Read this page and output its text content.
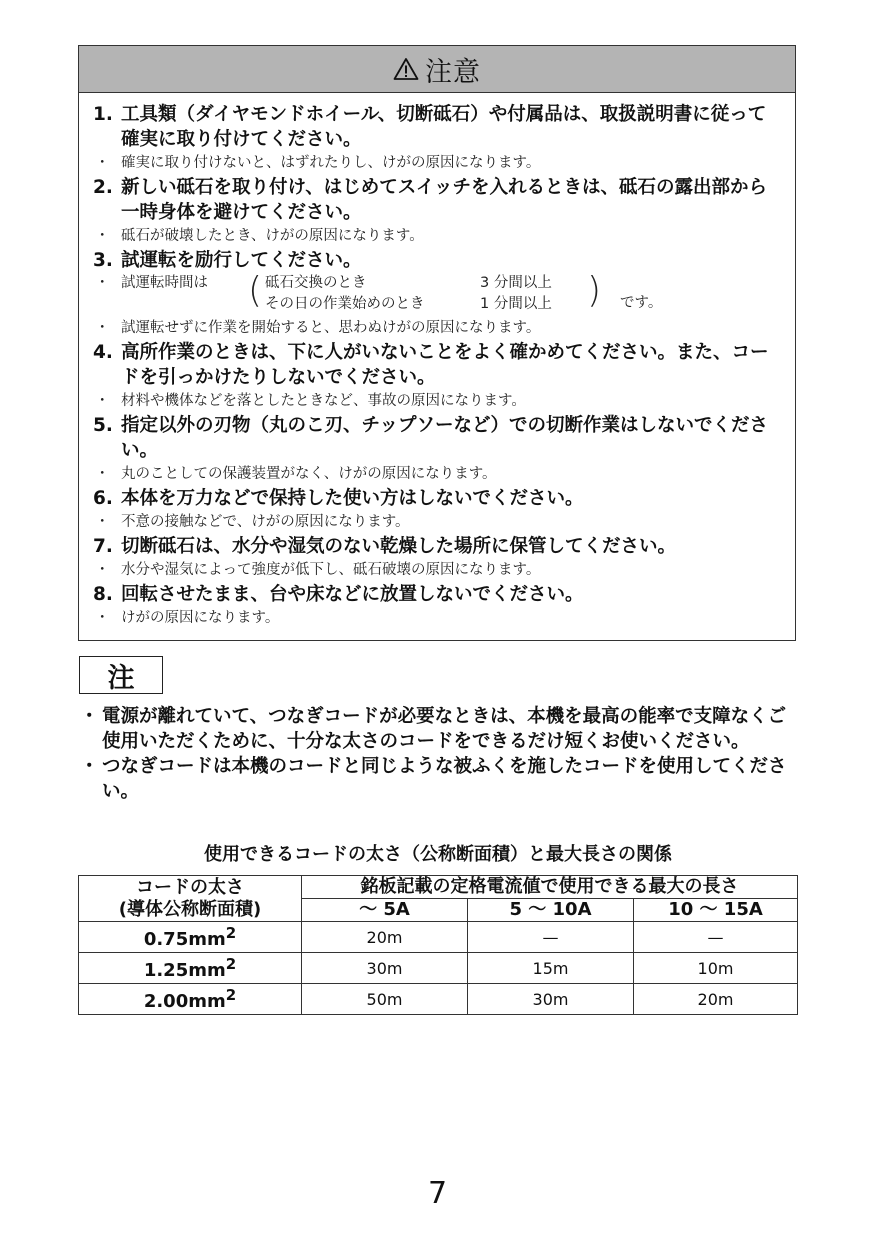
注意
1. 工具類（ダイヤモンドホイール、切断砥石）や付属品は、取扱説明書に従って確実に取り付けてください。
・ 確実に取り付けないと、はずれたりし、けがの原因になります。
2. 新しい砥石を取り付け、はじめてスイッチを入れるときは、砥石の露出部から一時身体を避けてください。
・ 砥石が破壊したとき、けがの原因になります。
3. 試運転を励行してください。
・ 試運転時間は ( 砥石交換のとき	3 分間以上
その日の作業始めのとき	1 分間以上 ) です。
・ 試運転せずに作業を開始すると、思わぬけがの原因になります。
4. 高所作業のときは、下に人がいないことをよく確かめてください。また、コードを引っかけたりしないでください。
・ 材料や機体などを落としたときなど、事故の原因になります。
5. 指定以外の刃物（丸のこ刃、チップソーなど）での切断作業はしないでください。
・ 丸のことしての保護装置がなく、けがの原因になります。
6. 本体を万力などで保持した使い方はしないでください。
・ 不意の接触などで、けがの原因になります。
7. 切断砥石は、水分や湿気のない乾燥した場所に保管してください。
・ 水分や湿気によって強度が低下し、砥石破壊の原因になります。
8. 回転させたまま、台や床などに放置しないでください。
・ けがの原因になります。
注
・ 電源が離れていて、つなぎコードが必要なときは、本機を最高の能率で支障なくご使用いただくために、十分な太さのコードをできるだけ短くお使いください。
・ つなぎコードは本機のコードと同じような被ふくを施したコードを使用してください。
使用できるコードの太さ（公称断面積）と最大長さの関係
コードの太さ
(導体公称断面積)	銘板記載の定格電流値で使用できる最大の長さ		
	～ 5A	5 ～ 10A	10 ～ 15A
$0.75mm^2$	20m	—	—
$1.25mm^2$	30m	15m	10m
$2.00mm^2$	50m	30m	20m
7
